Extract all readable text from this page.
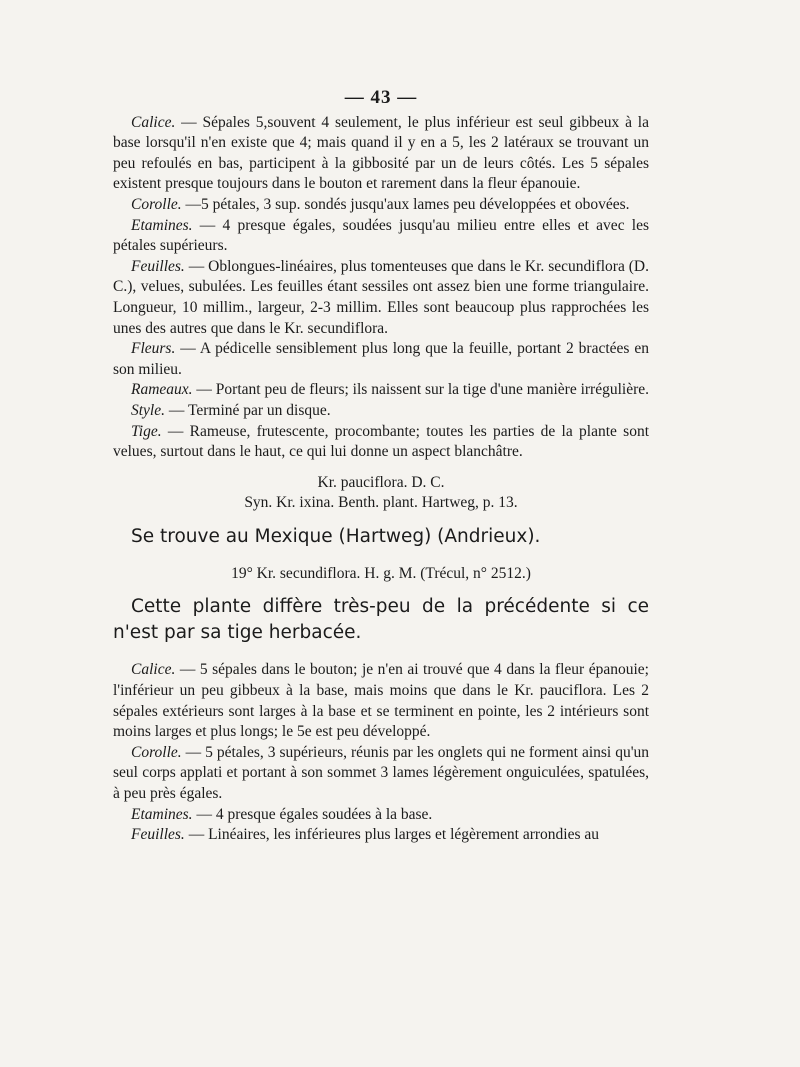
— 43 —

Calice. — Sépales 5,souvent 4 seulement, le plus inférieur est seul gibbeux à la base lorsqu'il n'en existe que 4; mais quand il y en a 5, les 2 latéraux se trouvant un peu refoulés en bas, participent à la gibbosité par un de leurs côtés. Les 5 sépales existent presque toujours dans le bouton et rarement dans la fleur épanouie.

Corolle. —5 pétales, 3 sup. sondés jusqu'aux lames peu développées et obovées.

Etamines. — 4 presque égales, soudées jusqu'au milieu entre elles et avec les pétales supérieurs.

Feuilles. — Oblongues-linéaires, plus tomenteuses que dans le Kr. secundiflora (D. C.), velues, subulées. Les feuilles étant sessiles ont assez bien une forme triangulaire. Longueur, 10 millim., largeur, 2-3 millim. Elles sont beaucoup plus rapprochées les unes des autres que dans le Kr. secundiflora.

Fleurs. — A pédicelle sensiblement plus long que la feuille, portant 2 bractées en son milieu.

Rameaux. — Portant peu de fleurs; ils naissent sur la tige d'une manière irrégulière.

Style. — Terminé par un disque.

Tige. — Rameuse, frutescente, procombante; toutes les parties de la plante sont velues, surtout dans le haut, ce qui lui donne un aspect blanchâtre.

Kr. pauciflora. D. C.

Syn. Kr. ixina. Benth. plant. Hartweg, p. 13.

Se trouve au Mexique (Hartweg) (Andrieux).

19° Kr. secundiflora. H. g. M. (Trécul, n° 2512.)

Cette plante diffère très-peu de la précédente si ce n'est par sa tige herbacée.

Calice. — 5 sépales dans le bouton; je n'en ai trouvé que 4 dans la fleur épanouie; l'inférieur un peu gibbeux à la base, mais moins que dans le Kr. pauciflora. Les 2 sépales extérieurs sont larges à la base et se terminent en pointe, les 2 intérieurs sont moins larges et plus longs; le 5e est peu développé.

Corolle. — 5 pétales, 3 supérieurs, réunis par les onglets qui ne forment ainsi qu'un seul corps applati et portant à son sommet 3 lames légèrement onguiculées, spatulées, à peu près égales.

Etamines. — 4 presque égales soudées à la base.

Feuilles. — Linéaires, les inférieures plus larges et légèrement arrondies au
